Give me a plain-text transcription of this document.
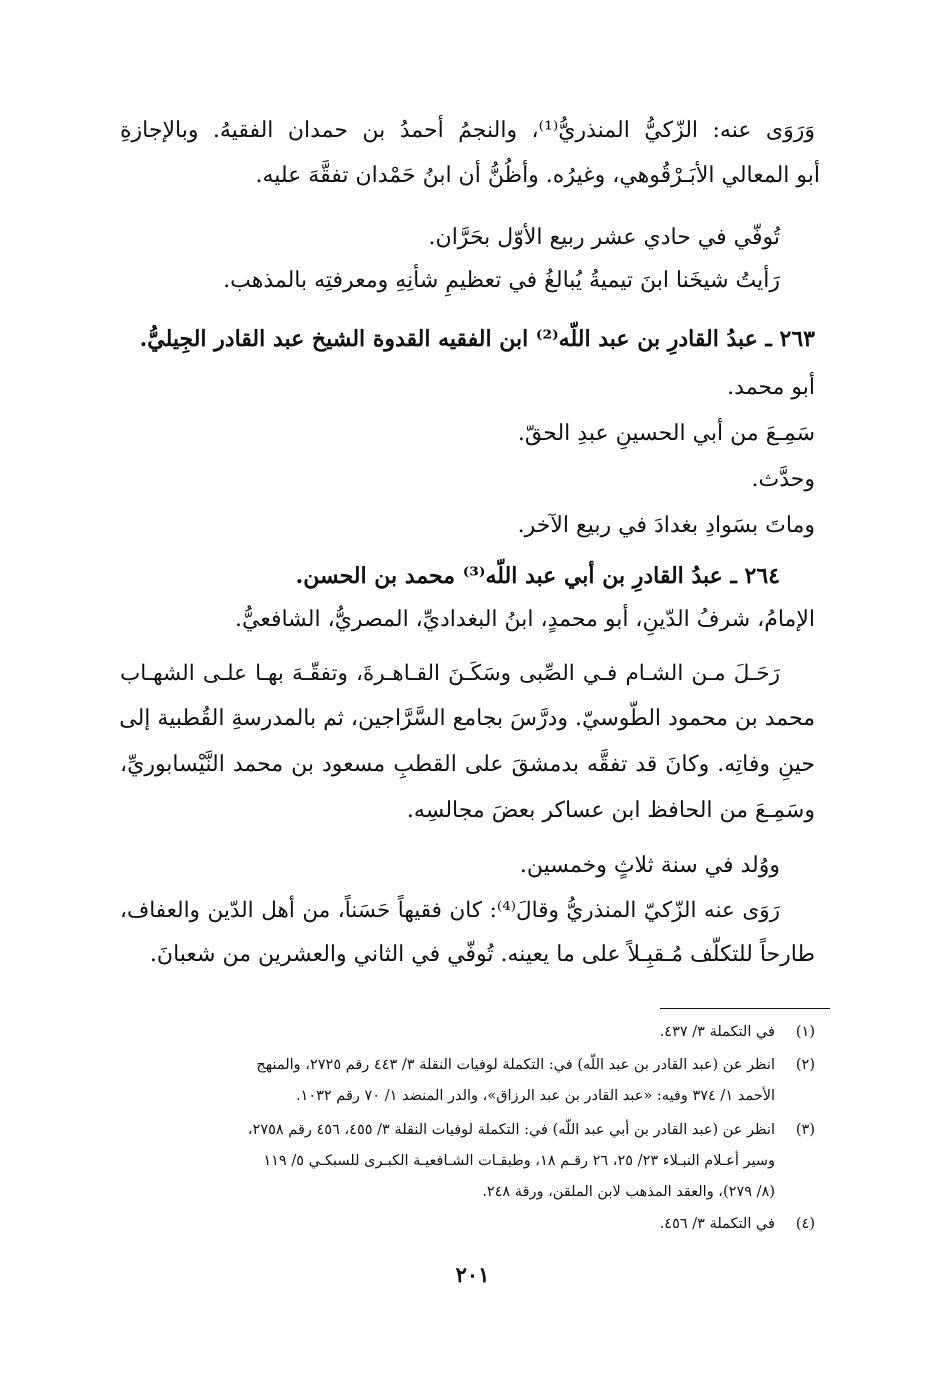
وَرَوَى عنه: الزّكيُّ المنذريُّ⁽¹⁾، والنجمُ أحمدُ بن حمدان الفقيهُ. وبالإجازةِ
أبو المعالي الأبَـرْقُوهي، وغيرُه. وأظُنُّ أن ابنُ حَمْدان تفقَّهَ عليه.
تُوفّي في حادي عشر ربيع الأوّل بحَرَّان.
رَأيتُ شيخَنا ابنَ تيميةُ يُبالغُ في تعظيمِ شأنِهِ ومعرفتِه بالمذهب.
٢٦٣ ـ عبدُ القادرِ بن عبد اللّه⁽²⁾ ابن الفقيه القدوة الشيخ عبد القادر الجِيليُّ.
أبو محمد.
سَمِـعَ من أبي الحسينِ عبدِ الحقّ.
وحدَّث.
وماتَ بسَوادِ بغدادَ في ربيع الآخر.
٢٦٤ ـ عبدُ القادرِ بن أبي عبد اللّه⁽³⁾ محمد بن الحسن.
الإمامُ، شرفُ الدّينِ، أبو محمدٍ، ابنُ البغداديِّ، المصريُّ، الشافعيُّ.
رَحَـلَ مـن الشـام فـي الصِّبى وسَكَـنَ القـاهـرةَ، وتفقّـهَ بهـا علـى الشهـاب
محمد بن محمود الطّوسيّ. ودرَّسَ بجامع السَّرَّاجين، ثم بالمدرسةِ القُطبية إلى
حينِ وفاتِه. وكانَ قد تفقَّه بدمشقَ على القطبِ مسعود بن محمد النَّيْسابوريِّ،
وسَمِـعَ من الحافظ ابن عساكر بعضَ مجالسِه.
ووُلد في سنة ثلاثٍ وخمسين.
رَوَى عنه الزّكيّ المنذريُّ وقالَ⁽⁴⁾: كان فقيهاً حَسَناً، من أهل الدّين والعفاف،
طارحاً للتكلّف مُـقبِـلاً على ما يعينه. تُوفّي في الثاني والعشرين من شعبانَ.
(١)في التكملة ٣/ ٤٣٧.
(٢)انظر عن (عبد القادر بن عبد اللّه) في: التكملة لوفيات النقلة ٣/ ٤٤٣ رقم ٢٧٢٥، والمنهج
الأحمد ١/ ٣٧٤ وفيه: «عبد القادر بن عبد الرزاق»، والدر المنضد ١/ ٧٠ رقم ١٠٣٢.
(٣)انظر عن (عبد القادر بن أبي عبد اللّه) في: التكملة لوفيات النقلة ٣/ ٤٥٥، ٤٥٦ رقم ٢٧٥٨،
وسير أعـلام النبـلاء ٢٣/ ٢٥، ٢٦ رقـم ١٨، وطبقـات الشـافعيـة الكبـرى للسبكـي ٥/ ١١٩
(٨/ ٢٧٩)، والعقد المذهب لابن الملقن، ورقة ٢٤٨.
(٤)في التكملة ٣/ ٤٥٦.
٢٠١
